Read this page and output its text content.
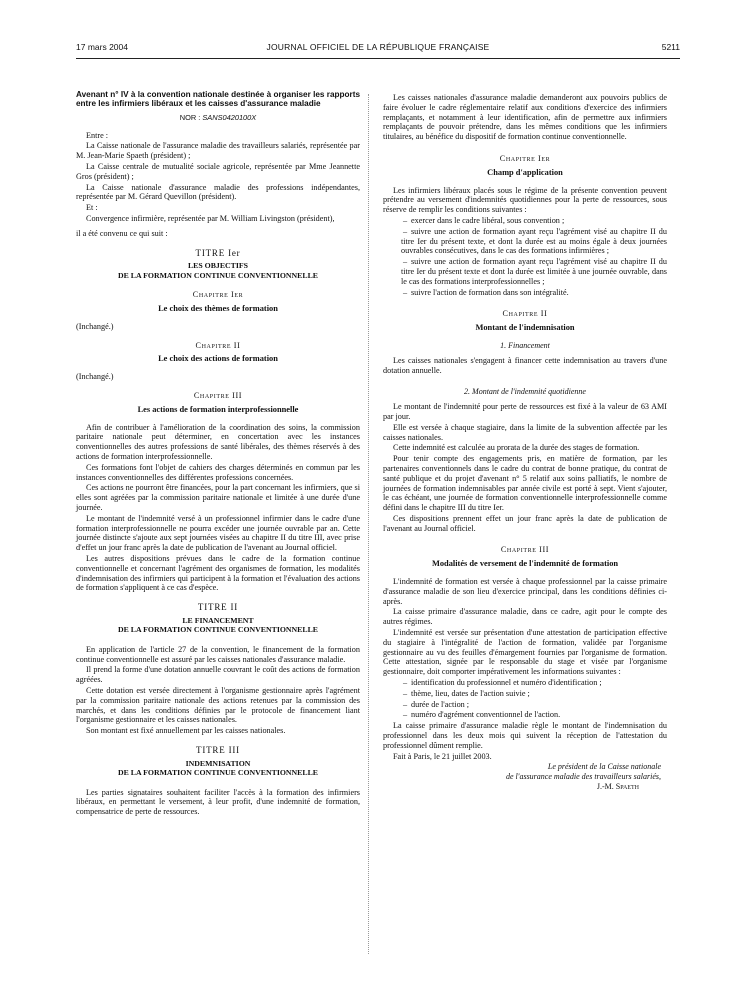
17 mars 2004	JOURNAL OFFICIEL DE LA RÉPUBLIQUE FRANÇAISE	5211
Avenant n° IV à la convention nationale destinée à organiser les rapports entre les infirmiers libéraux et les caisses d'assurance maladie
NOR : SANS0420100X

Entre :

La Caisse nationale de l'assurance maladie des travailleurs salariés, représentée par M. Jean-Marie Spaeth (président) ;

La Caisse centrale de mutualité sociale agricole, représentée par Mme Jeannette Gros (président) ;

La Caisse nationale d'assurance maladie des professions indépendantes, représentée par M. Gérard Quevillon (président).

Et :

Convergence infirmière, représentée par M. William Livingston (président),

il a été convenu ce qui suit :

TITRE Ier
LES OBJECTIFS
DE LA FORMATION CONTINUE CONVENTIONNELLE
Chapitre Ier
Le choix des thèmes de formation

(Inchangé.)

Chapitre II
Le choix des actions de formation

(Inchangé.)

Chapitre III
Les actions de formation interprofessionnelle

Afin de contribuer à l'amélioration de la coordination des soins, la commission paritaire nationale peut déterminer, en concertation avec les instances conventionnelles des autres professions de santé libérales, des thèmes réservés à des actions de formation interprofessionnelle.

Ces formations font l'objet de cahiers des charges déterminés en commun par les instances conventionnelles des différentes professions concernées.

Ces actions ne pourront être financées, pour la part concernant les infirmiers, que si elles sont agréées par la commission paritaire nationale et limitée à une durée d'une journée.

Le montant de l'indemnité versé à un professionnel infirmier dans le cadre d'une formation interprofessionnelle ne pourra excéder une journée ouvrable par an. Cette journée distincte s'ajoute aux sept journées visées au chapitre II du titre III, avec prise d'effet un jour franc après la date de publication de l'avenant au Journal officiel.

Les autres dispositions prévues dans le cadre de la formation continue conventionnelle et concernant l'agrément des organismes de formation, les modalités d'indemnisation des infirmiers qui participent à la formation et l'évaluation des actions de formation s'appliquent à ce cas d'espèce.

TITRE II
LE FINANCEMENT
DE LA FORMATION CONTINUE CONVENTIONNELLE

En application de l'article 27 de la convention, le financement de la formation continue conventionnelle est assuré par les caisses nationales d'assurance maladie.

Il prend la forme d'une dotation annuelle couvrant le coût des actions de formation agréées.

Cette dotation est versée directement à l'organisme gestionnaire après l'agrément par la commission paritaire nationale des actions retenues par la commission des marchés, et dans les conditions définies par le protocole de financement liant l'organisme gestionnaire et les caisses nationales.

Son montant est fixé annuellement par les caisses nationales.

TITRE III
INDEMNISATION
DE LA FORMATION CONTINUE CONVENTIONNELLE

Les parties signataires souhaitent faciliter l'accès à la formation des infirmiers libéraux, en permettant le versement, à leur profit, d'une indemnité de formation, compensatrice de perte de ressources.

Les caisses nationales d'assurance maladie demanderont aux pouvoirs publics de faire évoluer le cadre réglementaire relatif aux conditions d'exercice des infirmiers remplaçants, et notamment à leur identification, afin de permettre aux infirmiers remplaçants de pouvoir prétendre, dans les mêmes conditions que les infirmiers titulaires, au bénéfice du dispositif de formation continue conventionnelle.

Chapitre Ier
Champ d'application

Les infirmiers libéraux placés sous le régime de la présente convention peuvent prétendre au versement d'indemnités quotidiennes pour la perte de ressources, sous réserve de remplir les conditions suivantes :

– exercer dans le cadre libéral, sous convention ;

– suivre une action de formation ayant reçu l'agrément visé au chapitre II du titre Ier du présent texte, et dont la durée est au moins égale à deux journées ouvrables consécutives, dans le cas des formations infirmières ;

– suivre une action de formation ayant reçu l'agrément visé au chapitre II du titre Ier du présent texte et dont la durée est limitée à une journée ouvrable, dans le cas des formations interprofessionnelles ;

– suivre l'action de formation dans son intégralité.

Chapitre II
Montant de l'indemnisation
1. Financement

Les caisses nationales s'engagent à financer cette indemnisation au travers d'une dotation annuelle.

2. Montant de l'indemnité quotidienne

Le montant de l'indemnité pour perte de ressources est fixé à la valeur de 63 AMI par jour.

Elle est versée à chaque stagiaire, dans la limite de la subvention affectée par les caisses nationales.

Cette indemnité est calculée au prorata de la durée des stages de formation.

Pour tenir compte des engagements pris, en matière de formation, par les partenaires conventionnels dans le cadre du contrat de bonne pratique, du contrat de santé publique et du projet d'avenant n° 5 relatif aux soins palliatifs, le nombre de journées de formation indemnisables par année civile est porté à sept. Vient s'ajouter, le cas échéant, une journée de formation conventionnelle interprofessionnelle comme défini dans le chapitre III du titre Ier.

Ces dispositions prennent effet un jour franc après la date de publication de l'avenant au Journal officiel.

Chapitre III
Modalités de versement de l'indemnité de formation

L'indemnité de formation est versée à chaque professionnel par la caisse primaire d'assurance maladie de son lieu d'exercice principal, dans les conditions définies ci-après.

La caisse primaire d'assurance maladie, dans ce cadre, agit pour le compte des autres régimes.

L'indemnité est versée sur présentation d'une attestation de participation effective du stagiaire à l'intégralité de l'action de formation, validée par l'organisme gestionnaire au vu des feuilles d'émargement fournies par l'organisme de formation. Cette attestation, signée par le responsable du stage et visée par l'organisme gestionnaire, doit comporter impérativement les informations suivantes :

– identification du professionnel et numéro d'identification ;

– thème, lieu, dates de l'action suivie ;

– durée de l'action ;

– numéro d'agrément conventionnel de l'action.

La caisse primaire d'assurance maladie règle le montant de l'indemnisation du professionnel dans les deux mois qui suivent la réception de l'attestation du professionnel dûment remplie.

Fait à Paris, le 21 juillet 2003.

Le président de la Caisse nationale
de l'assurance maladie des travailleurs salariés,
J.-M. Spaeth
